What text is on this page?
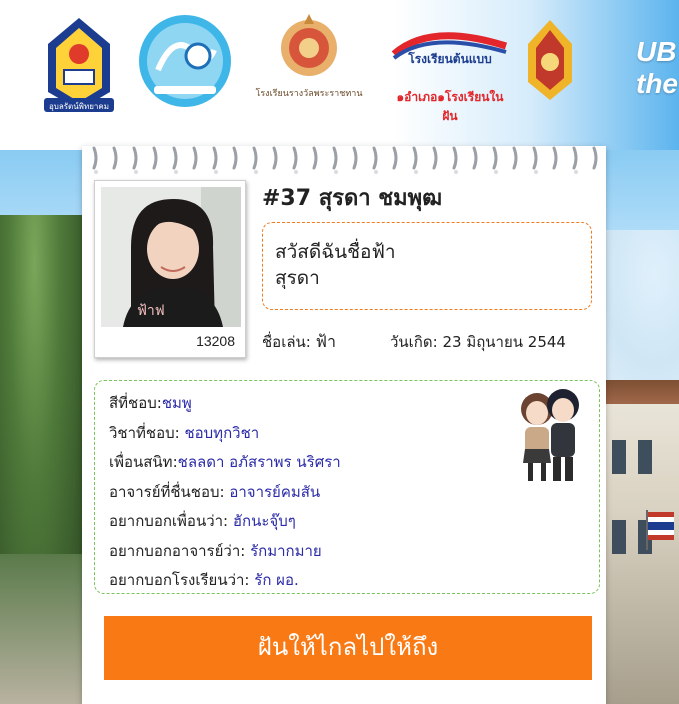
อุบลรัตน์พิทยาคม
โรงเรียนรางวัลพระราชทาน
โรงเรียนต้นแบบ
๑อำเภอ๑โรงเรียนในฝัน
UB
the
ฟ้าฟ
13208
#37 สุรดา ชมพุฒ
สวัสดีฉันชื่อฟ้า
สุรดา
ชื่อเล่น: ฟ้า	วันเกิด: 23 มิถุนายน 2544
สีที่ชอบ:ชมพู
วิชาที่ชอบ: ชอบทุกวิชา
เพื่อนสนิท:ชลลดา อภัสราพร นริศรา
อาจารย์ที่ชื่นชอบ: อาจารย์คมสัน
อยากบอกเพื่อนว่า: ฮักนะจุ๊บๆ
อยากบอกอาจารย์ว่า: รักมากมาย
อยากบอกโรงเรียนว่า: รัก ผอ.
ฝันให้ไกลไปให้ถึง
